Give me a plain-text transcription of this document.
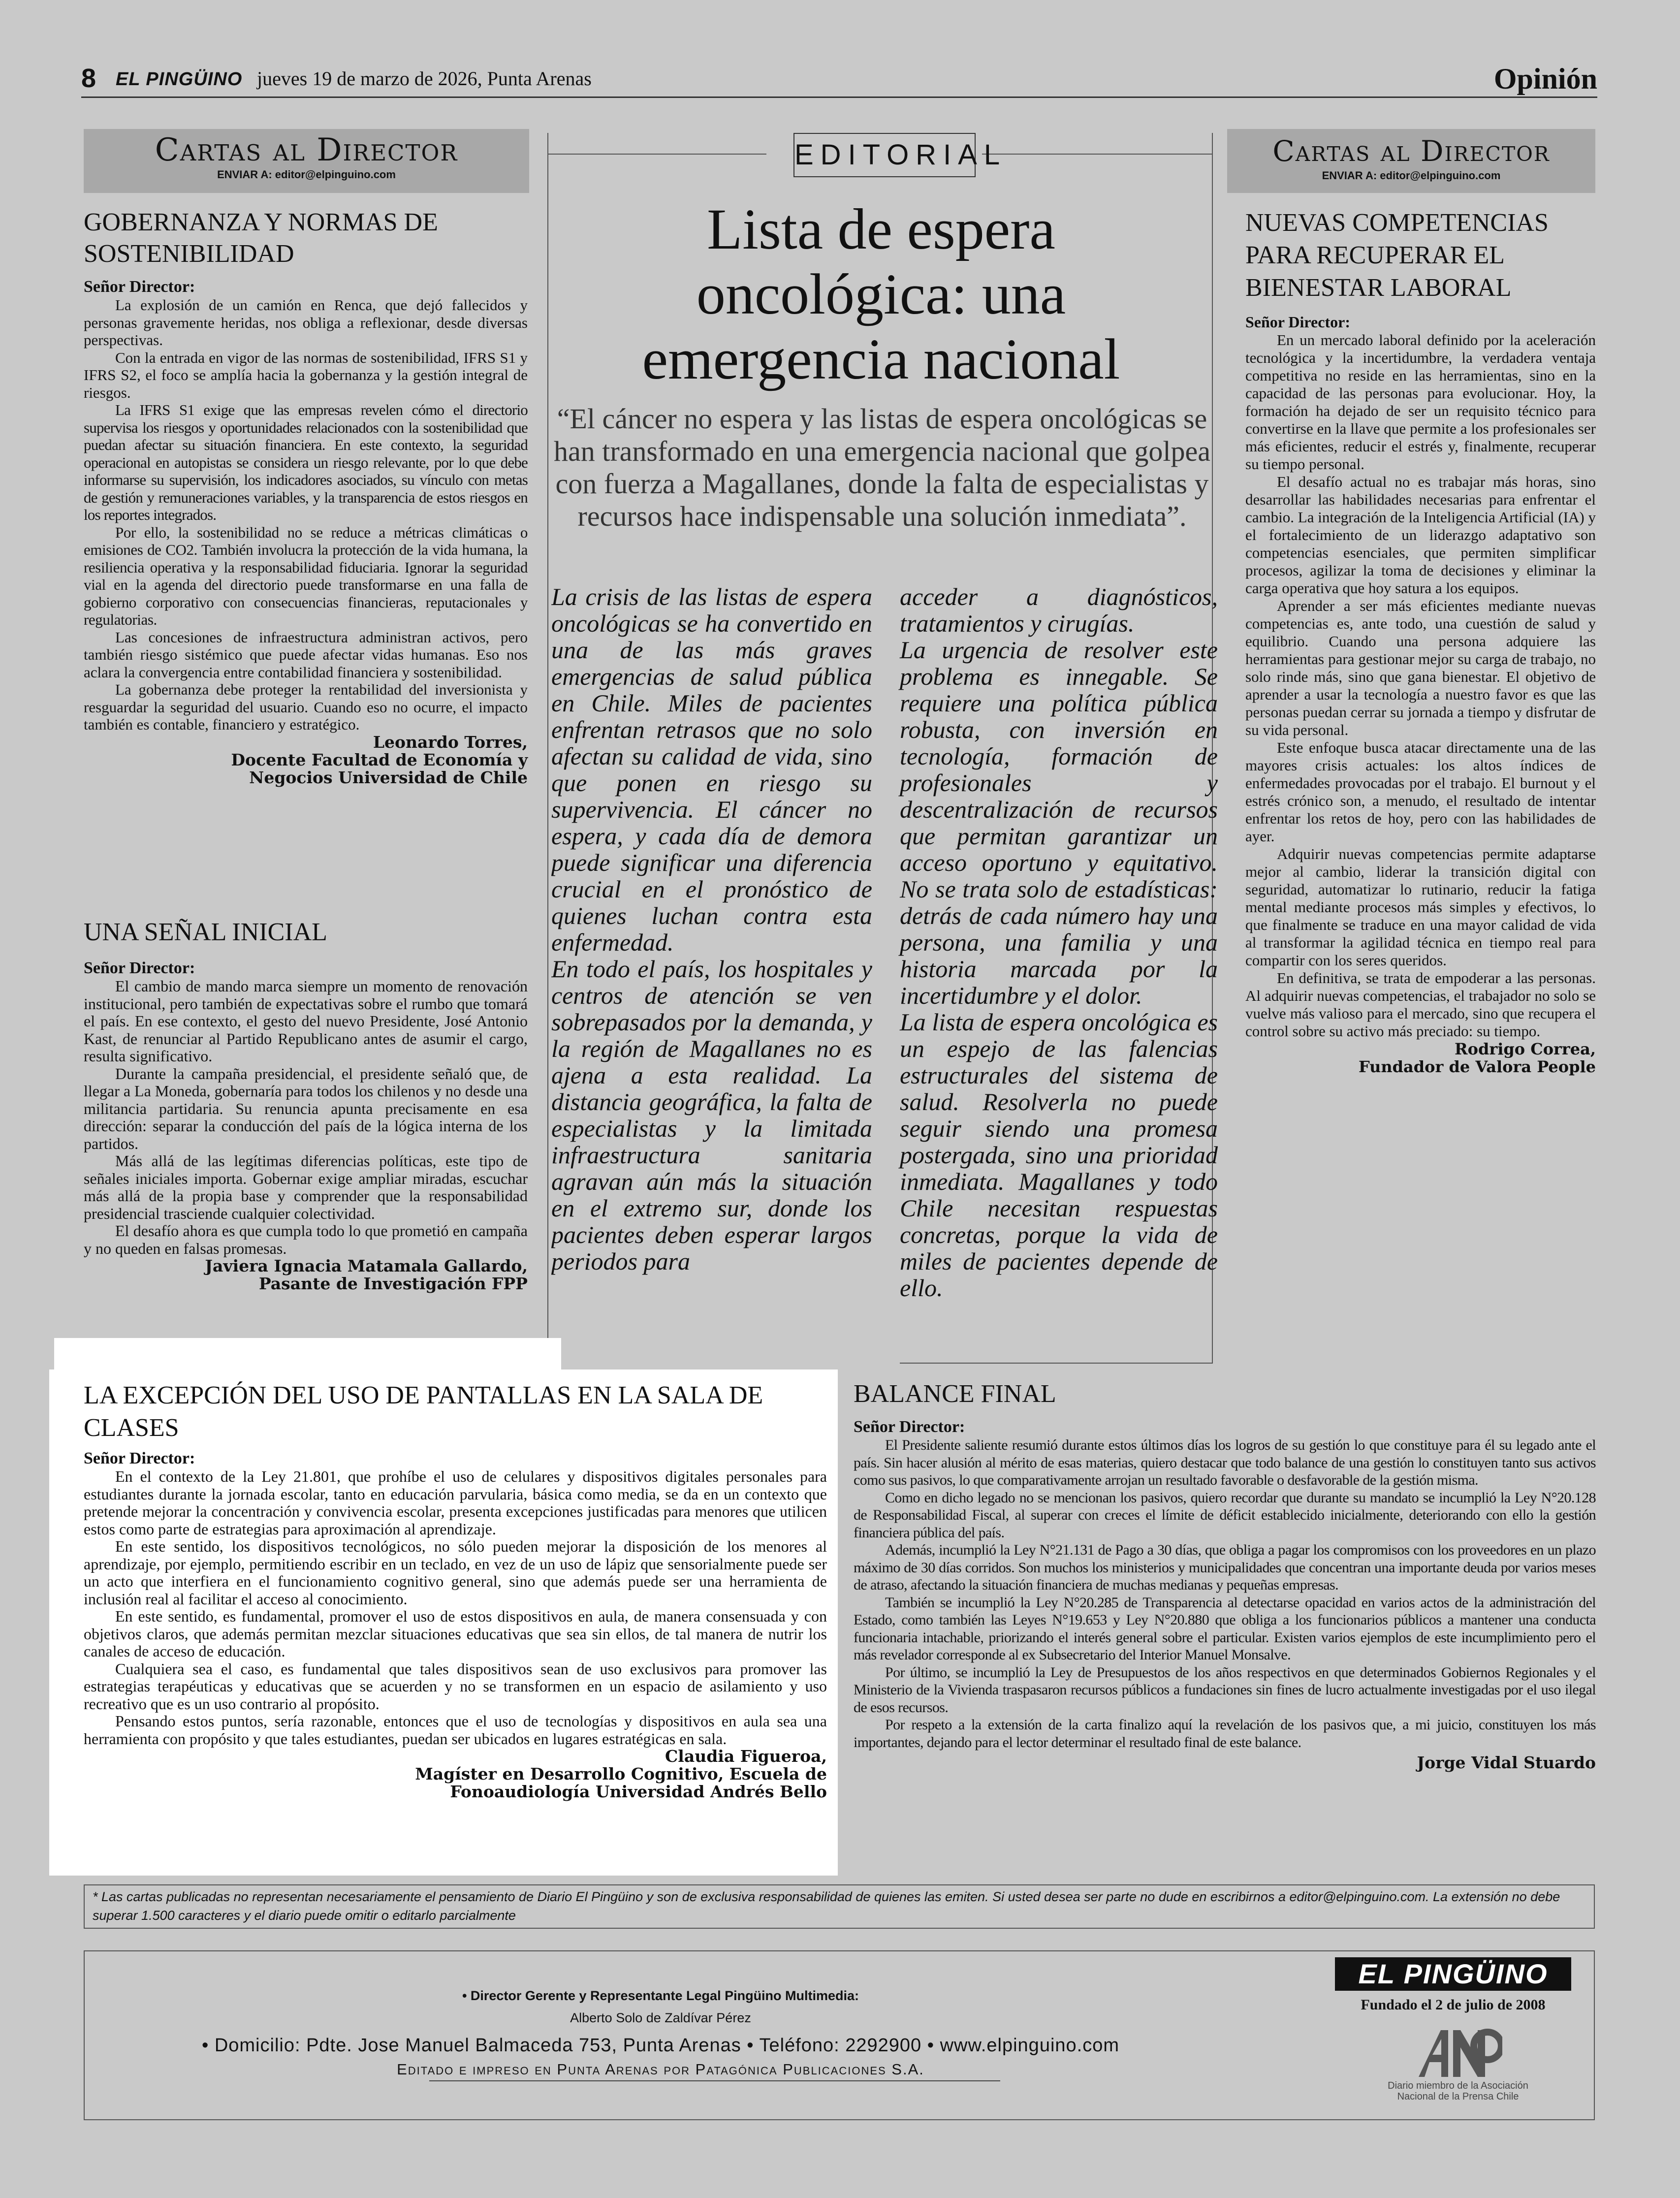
8 EL PINGÜINO jueves 19 de marzo de 2026, Punta Arenas	Opinión
Cartas al Director
ENVIAR A: editor@elpinguino.com
GOBERNANZA Y NORMAS DE SOSTENIBILIDAD
Señor Director:

La explosión de un camión en Renca, que dejó fallecidos y personas gravemente heridas, nos obliga a reflexionar, desde diversas perspectivas.

Con la entrada en vigor de las normas de sostenibilidad, IFRS S1 y IFRS S2, el foco se amplía hacia la gobernanza y la gestión integral de riesgos.

La IFRS S1 exige que las empresas revelen cómo el directorio supervisa los riesgos y oportunidades relacionados con la sostenibilidad que puedan afectar su situación financiera. En este contexto, la seguridad operacional en autopistas se considera un riesgo relevante, por lo que debe informarse su supervisión, los indicadores asociados, su vínculo con metas de gestión y remuneraciones variables, y la transparencia de estos riesgos en los reportes integrados.

Por ello, la sostenibilidad no se reduce a métricas climáticas o emisiones de CO2. También involucra la protección de la vida humana, la resiliencia operativa y la responsabilidad fiduciaria. Ignorar la seguridad vial en la agenda del directorio puede transformarse en una falla de gobierno corporativo con consecuencias financieras, reputacionales y regulatorias.

Las concesiones de infraestructura administran activos, pero también riesgo sistémico que puede afectar vidas humanas. Eso nos aclara la convergencia entre contabilidad financiera y sostenibilidad.

La gobernanza debe proteger la rentabilidad del inversionista y resguardar la seguridad del usuario. Cuando eso no ocurre, el impacto también es contable, financiero y estratégico.

Leonardo Torres,
Docente Facultad de Economía y
Negocios Universidad de Chile
UNA SEÑAL INICIAL
Señor Director:

El cambio de mando marca siempre un momento de renovación institucional, pero también de expectativas sobre el rumbo que tomará el país. En ese contexto, el gesto del nuevo Presidente, José Antonio Kast, de renunciar al Partido Republicano antes de asumir el cargo, resulta significativo.

Durante la campaña presidencial, el presidente señaló que, de llegar a La Moneda, gobernaría para todos los chilenos y no desde una militancia partidaria. Su renuncia apunta precisamente en esa dirección: separar la conducción del país de la lógica interna de los partidos.

Más allá de las legítimas diferencias políticas, este tipo de señales iniciales importa. Gobernar exige ampliar miradas, escuchar más allá de la propia base y comprender que la responsabilidad presidencial trasciende cualquier colectividad.

El desafío ahora es que cumpla todo lo que prometió en campaña y no queden en falsas promesas.

Javiera Ignacia Matamala Gallardo,
Pasante de Investigación FPP
EDITORIAL
Lista de espera oncológica: una emergencia nacional
“El cáncer no espera y las listas de espera oncológicas se han transformado en una emergencia nacional que golpea con fuerza a Magallanes, donde la falta de especialistas y recursos hace indispensable una solución inmediata”.

La crisis de las listas de espera oncológicas se ha convertido en una de las más graves emergencias de salud pública en Chile. Miles de pacientes enfrentan retrasos que no solo afectan su calidad de vida, sino que ponen en riesgo su supervivencia. El cáncer no espera, y cada día de demora puede significar una diferencia crucial en el pronóstico de quienes luchan contra esta enfermedad.

En todo el país, los hospitales y centros de atención se ven sobrepasados por la demanda, y la región de Magallanes no es ajena a esta realidad. La distancia geográfica, la falta de especialistas y la limitada infraestructura sanitaria agravan aún más la situación en el extremo sur, donde los pacientes deben esperar largos periodos para

acceder a diagnósticos, tratamientos y cirugías.

La urgencia de resolver este problema es innegable. Se requiere una política pública robusta, con inversión en tecnología, formación de profesionales y descentralización de recursos que permitan garantizar un acceso oportuno y equitativo. No se trata solo de estadísticas: detrás de cada número hay una persona, una familia y una historia marcada por la incertidumbre y el dolor.

La lista de espera oncológica es un espejo de las falencias estructurales del sistema de salud. Resolverla no puede seguir siendo una promesa postergada, sino una prioridad inmediata. Magallanes y todo Chile necesitan respuestas concretas, porque la vida de miles de pacientes depende de ello.

Cartas al Director
ENVIAR A: editor@elpinguino.com
NUEVAS COMPETENCIAS PARA RECUPERAR EL BIENESTAR LABORAL
Señor Director:

En un mercado laboral definido por la aceleración tecnológica y la incertidumbre, la verdadera ventaja competitiva no reside en las herramientas, sino en la capacidad de las personas para evolucionar. Hoy, la formación ha dejado de ser un requisito técnico para convertirse en la llave que permite a los profesionales ser más eficientes, reducir el estrés y, finalmente, recuperar su tiempo personal.

El desafío actual no es trabajar más horas, sino desarrollar las habilidades necesarias para enfrentar el cambio. La integración de la Inteligencia Artificial (IA) y el fortalecimiento de un liderazgo adaptativo son competencias esenciales, que permiten simplificar procesos, agilizar la toma de decisiones y eliminar la carga operativa que hoy satura a los equipos.

Aprender a ser más eficientes mediante nuevas competencias es, ante todo, una cuestión de salud y equilibrio. Cuando una persona adquiere las herramientas para gestionar mejor su carga de trabajo, no solo rinde más, sino que gana bienestar. El objetivo de aprender a usar la tecnología a nuestro favor es que las personas puedan cerrar su jornada a tiempo y disfrutar de su vida personal.

Este enfoque busca atacar directamente una de las mayores crisis actuales: los altos índices de enfermedades provocadas por el trabajo. El burnout y el estrés crónico son, a menudo, el resultado de intentar enfrentar los retos de hoy, pero con las habilidades de ayer.

Adquirir nuevas competencias permite adaptarse mejor al cambio, liderar la transición digital con seguridad, automatizar lo rutinario, reducir la fatiga mental mediante procesos más simples y efectivos, lo que finalmente se traduce en una mayor calidad de vida al transformar la agilidad técnica en tiempo real para compartir con los seres queridos.

En definitiva, se trata de empoderar a las personas. Al adquirir nuevas competencias, el trabajador no solo se vuelve más valioso para el mercado, sino que recupera el control sobre su activo más preciado: su tiempo.

Rodrigo Correa,
Fundador de Valora People
LA EXCEPCIÓN DEL USO DE PANTALLAS EN LA SALA DE CLASES
Señor Director:

En el contexto de la Ley 21.801, que prohíbe el uso de celulares y dispositivos digitales personales para estudiantes durante la jornada escolar, tanto en educación parvularia, básica como media, se da en un contexto que pretende mejorar la concentración y convivencia escolar, presenta excepciones justificadas para menores que utilicen estos como parte de estrategias para aproximación al aprendizaje.

En este sentido, los dispositivos tecnológicos, no sólo pueden mejorar la disposición de los menores al aprendizaje, por ejemplo, permitiendo escribir en un teclado, en vez de un uso de lápiz que sensorialmente puede ser un acto que interfiera en el funcionamiento cognitivo general, sino que además puede ser una herramienta de inclusión real al facilitar el acceso al conocimiento.

En este sentido, es fundamental, promover el uso de estos dispositivos en aula, de manera consensuada y con objetivos claros, que además permitan mezclar situaciones educativas que sea sin ellos, de tal manera de nutrir los canales de acceso de educación.

Cualquiera sea el caso, es fundamental que tales dispositivos sean de uso exclusivos para promover las estrategias terapéuticas y educativas que se acuerden y no se transformen en un espacio de asilamiento y uso recreativo que es un uso contrario al propósito.

Pensando estos puntos, sería razonable, entonces que el uso de tecnologías y dispositivos en aula sea una herramienta con propósito y que tales estudiantes, puedan ser ubicados en lugares estratégicas en sala.

Claudia Figueroa,
Magíster en Desarrollo Cognitivo, Escuela de
Fonoaudiología Universidad Andrés Bello
BALANCE FINAL
Señor Director:

El Presidente saliente resumió durante estos últimos días los logros de su gestión lo que constituye para él su legado ante el país. Sin hacer alusión al mérito de esas materias, quiero destacar que todo balance de una gestión lo constituyen tanto sus activos como sus pasivos, lo que comparativamente arrojan un resultado favorable o desfavorable de la gestión misma.

Como en dicho legado no se mencionan los pasivos, quiero recordar que durante su mandato se incumplió la Ley N°20.128 de Responsabilidad Fiscal, al superar con creces el límite de déficit establecido inicialmente, deteriorando con ello la gestión financiera pública del país.

Además, incumplió la Ley N°21.131 de Pago a 30 días, que obliga a pagar los compromisos con los proveedores en un plazo máximo de 30 días corridos. Son muchos los ministerios y municipalidades que concentran una importante deuda por varios meses de atraso, afectando la situación financiera de muchas medianas y pequeñas empresas.

También se incumplió la Ley N°20.285 de Transparencia al detectarse opacidad en varios actos de la administración del Estado, como también las Leyes N°19.653 y Ley N°20.880 que obliga a los funcionarios públicos a mantener una conducta funcionaria intachable, priorizando el interés general sobre el particular. Existen varios ejemplos de este incumplimiento pero el más revelador corresponde al ex Subsecretario del Interior Manuel Monsalve.

Por último, se incumplió la Ley de Presupuestos de los años respectivos en que determinados Gobiernos Regionales y el Ministerio de la Vivienda traspasaron recursos públicos a fundaciones sin fines de lucro actualmente investigadas por el uso ilegal de esos recursos.

Por respeto a la extensión de la carta finalizo aquí la revelación de los pasivos que, a mi juicio, constituyen los más importantes, dejando para el lector determinar el resultado final de este balance.

Jorge Vidal Stuardo
* Las cartas publicadas no representan necesariamente el pensamiento de Diario El Pingüino y son de exclusiva responsabilidad de quienes las emiten. Si usted desea ser parte no dude en escribirnos a editor@elpinguino.com. La extensión no debe superar 1.500 caracteres y el diario puede omitir o editarlo parcialmente
• Director Gerente y Representante Legal Pingüino Multimedia:
Alberto Solo de Zaldívar Pérez
• Domicilio: Pdte. Jose Manuel Balmaceda 753, Punta Arenas • Teléfono: 2292900 • www.elpinguino.com
Editado e impreso en Punta Arenas por Patagónica Publicaciones S.A.
EL PINGÜINO
Fundado el 2 de julio de 2008
Diario miembro de la Asociación Nacional de la Prensa Chile
